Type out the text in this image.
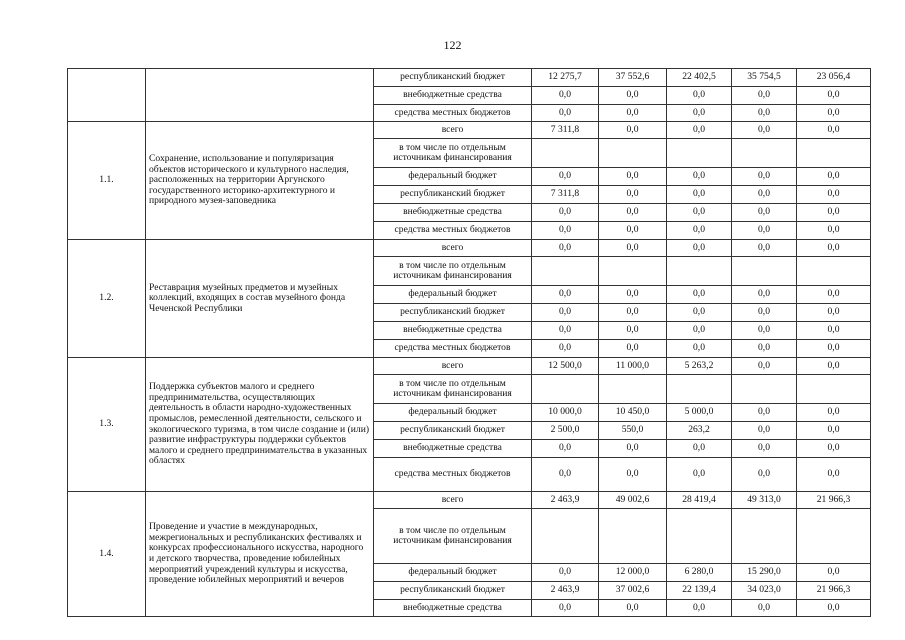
122
		республиканский бюджет	12 275,7	37 552,6	22 402,5	35 754,5	23 056,4
		внебюджетные средства	0,0	0,0	0,0	0,0	0,0
		средства местных бюджетов	0,0	0,0	0,0	0,0	0,0
1.1.	Сохранение, использование и популяризация объектов исторического и культурного наследия, расположенных на территории Аргунского государственного историко-архитектурного и природного музея-заповедника	всего	7 311,8	0,0	0,0	0,0	0,0
		в том числе по отдельным источникам финансирования					
		федеральный бюджет	0,0	0,0	0,0	0,0	0,0
		республиканский бюджет	7 311,8	0,0	0,0	0,0	0,0
		внебюджетные средства	0,0	0,0	0,0	0,0	0,0
		средства местных бюджетов	0,0	0,0	0,0	0,0	0,0
1.2.	Реставрация музейных предметов и музейных коллекций, входящих в состав музейного фонда Чеченской Республики	всего	0,0	0,0	0,0	0,0	0,0
		в том числе по отдельным источникам финансирования					
		федеральный бюджет	0,0	0,0	0,0	0,0	0,0
		республиканский бюджет	0,0	0,0	0,0	0,0	0,0
		внебюджетные средства	0,0	0,0	0,0	0,0	0,0
		средства местных бюджетов	0,0	0,0	0,0	0,0	0,0
1.3.	Поддержка субъектов малого и среднего предпринимательства, осуществляющих деятельность в области народно-художественных промыслов, ремесленной деятельности, сельского и экологического туризма, в том числе создание и (или) развитие инфраструктуры поддержки субъектов малого и среднего предпринимательства в указанных областях	всего	12 500,0	11 000,0	5 263,2	0,0	0,0
		в том числе по отдельным источникам финансирования					
		федеральный бюджет	10 000,0	10 450,0	5 000,0	0,0	0,0
		республиканский бюджет	2 500,0	550,0	263,2	0,0	0,0
		внебюджетные средства	0,0	0,0	0,0	0,0	0,0
		средства местных бюджетов	0,0	0,0	0,0	0,0	0,0
1.4.	Проведение и участие в международных, межрегиональных и республиканских фестивалях и конкурсах профессионального искусства, народного и детского творчества, проведение юбилейных мероприятий учреждений культуры и искусства, проведение юбилейных мероприятий и вечеров	всего	2 463,9	49 002,6	28 419,4	49 313,0	21 966,3
		в том числе по отдельным источникам финансирования					
		федеральный бюджет	0,0	12 000,0	6 280,0	15 290,0	0,0
		республиканский бюджет	2 463,9	37 002,6	22 139,4	34 023,0	21 966,3
		внебюджетные средства	0,0	0,0	0,0	0,0	0,0
